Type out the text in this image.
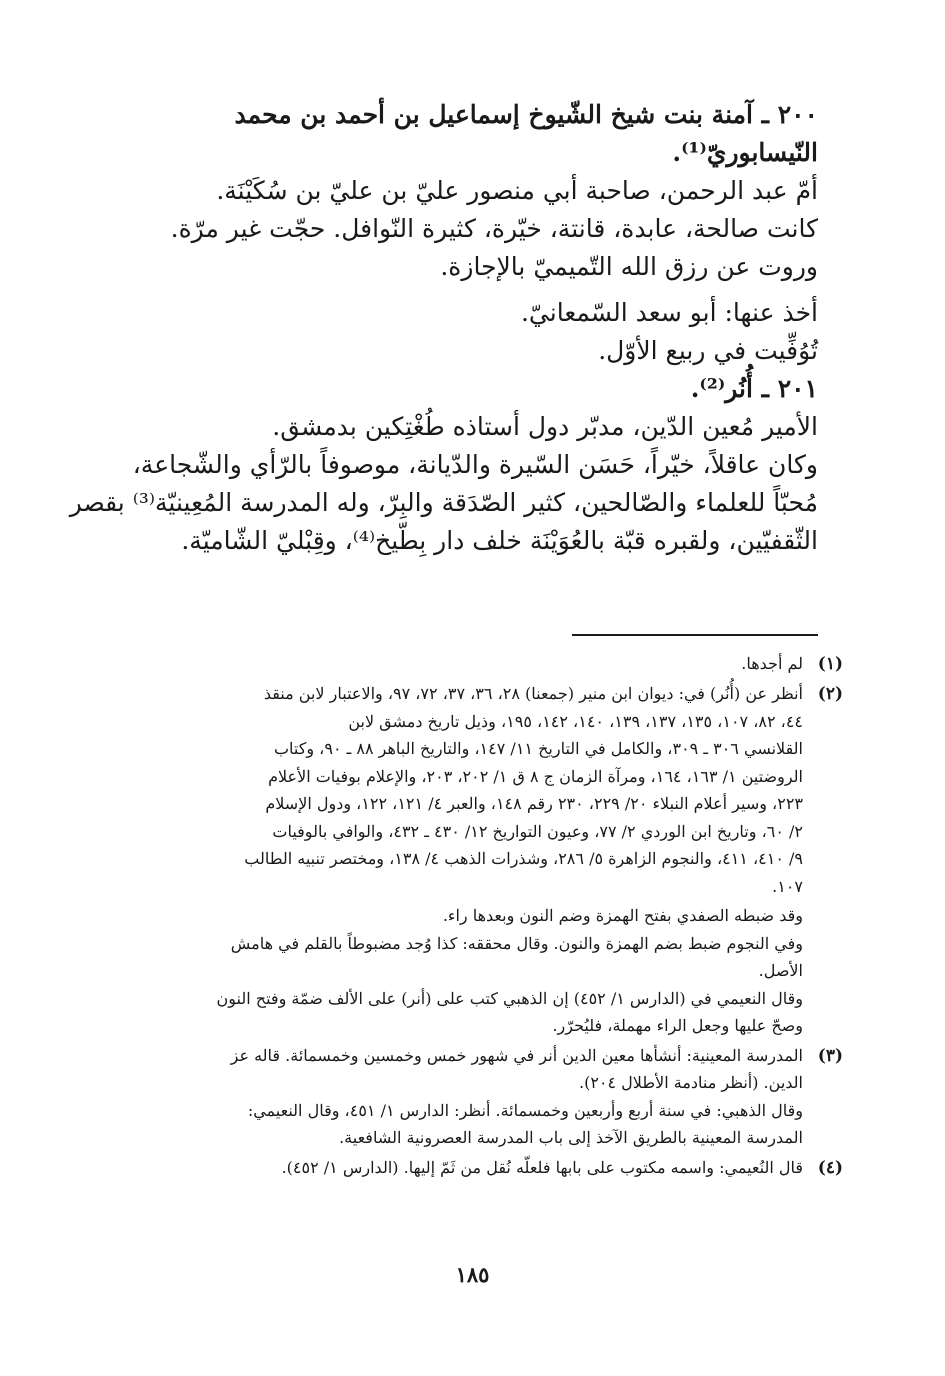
٢٠٠ ـ آمنة بنت شيخ الشّيوخ إسماعيل بن أحمد بن محمد
النّيسابوريّ⁽¹⁾.
أمّ عبد الرحمن، صاحبة أبي منصور عليّ بن عليّ بن سُكَيْنَة.
كانت صالحة، عابدة، قانتة، خيّرة، كثيرة النّوافل. حجّت غير مرّة.
وروت عن رزق الله التّميميّ بالإجازة.
أخذ عنها: أبو سعد السّمعانيّ.
تُوُفِّيت في ربيع الأوّل.
٢٠١ ـ أُنُر⁽²⁾.
الأمير مُعين الدّين، مدبّر دول أستاذه طُغْتِكين بدمشق.
وكان عاقلاً، خيّراً، حَسَن السّيرة والدّيانة، موصوفاً بالرّأي والشّجاعة،
مُحبّاً للعلماء والصّالحين، كثير الصّدَقة والبِرّ، وله المدرسة المُعِينيّة⁽³⁾ بقصر
الثّقفيّين، ولقبره قبّة بالعُوَيْنَة خلف دار بِطّيخ⁽⁴⁾، وقِبْليّ الشّاميّة.
(١)
لم أجدها.
(٢)
أنظر عن (أُنُر) في: ديوان ابن منير (جمعنا) ٢٨، ٣٦، ٣٧، ٧٢، ٩٧، والاعتبار لابن منقذ
٤٤، ٨٢، ١٠٧، ١٣٥، ١٣٧، ١٣٩، ١٤٠، ١٤٢، ١٩٥، وذيل تاريخ دمشق لابن
القلانسي ٣٠٦ ـ ٣٠٩، والكامل في التاريخ ١١/ ١٤٧، والتاريخ الباهر ٨٨ ـ ٩٠، وكتاب
الروضتين ١/ ١٦٣، ١٦٤، ومرآة الزمان ج ٨ ق ١/ ٢٠٢، ٢٠٣، والإعلام بوفيات الأعلام
٢٢٣، وسير أعلام النبلاء ٢٠/ ٢٢٩، ٢٣٠ رقم ١٤٨، والعبر ٤/ ١٢١، ١٢٢، ودول الإسلام
٢/ ٦٠، وتاريخ ابن الوردي ٢/ ٧٧، وعيون التواريخ ١٢/ ٤٣٠ ـ ٤٣٢، والوافي بالوفيات
٩/ ٤١٠، ٤١١، والنجوم الزاهرة ٥/ ٢٨٦، وشذرات الذهب ٤/ ١٣٨، ومختصر تنبيه الطالب
١٠٧.
وقد ضبطه الصفدي بفتح الهمزة وضم النون وبعدها راء.
وفي النجوم ضبط بضم الهمزة والنون. وقال محققه: كذا وُجد مضبوطاً بالقلم في هامش
الأصل.
وقال النعيمي في (الدارس ١/ ٤٥٢) إن الذهبي كتب على (أنر) على الألف ضمّة وفتح النون
وصحّ عليها وجعل الراء مهملة، فليُحرّر.
(٣)
المدرسة المعينية: أنشأها معين الدين أنر في شهور خمس وخمسين وخمسمائة. قاله عز
الدين. (أنظر منادمة الأطلال ٢٠٤).
وقال الذهبي: في سنة أربع وأربعين وخمسمائة. أنظر: الدارس ١/ ٤٥١، وقال النعيمي:
المدرسة المعينية بالطريق الآخذ إلى باب المدرسة العصرونية الشافعية.
(٤)
قال النُعيمي: واسمه مكتوب على بابها فلعلّه نُقل من ثَمّ إليها. (الدارس ١/ ٤٥٢).
١٨٥
